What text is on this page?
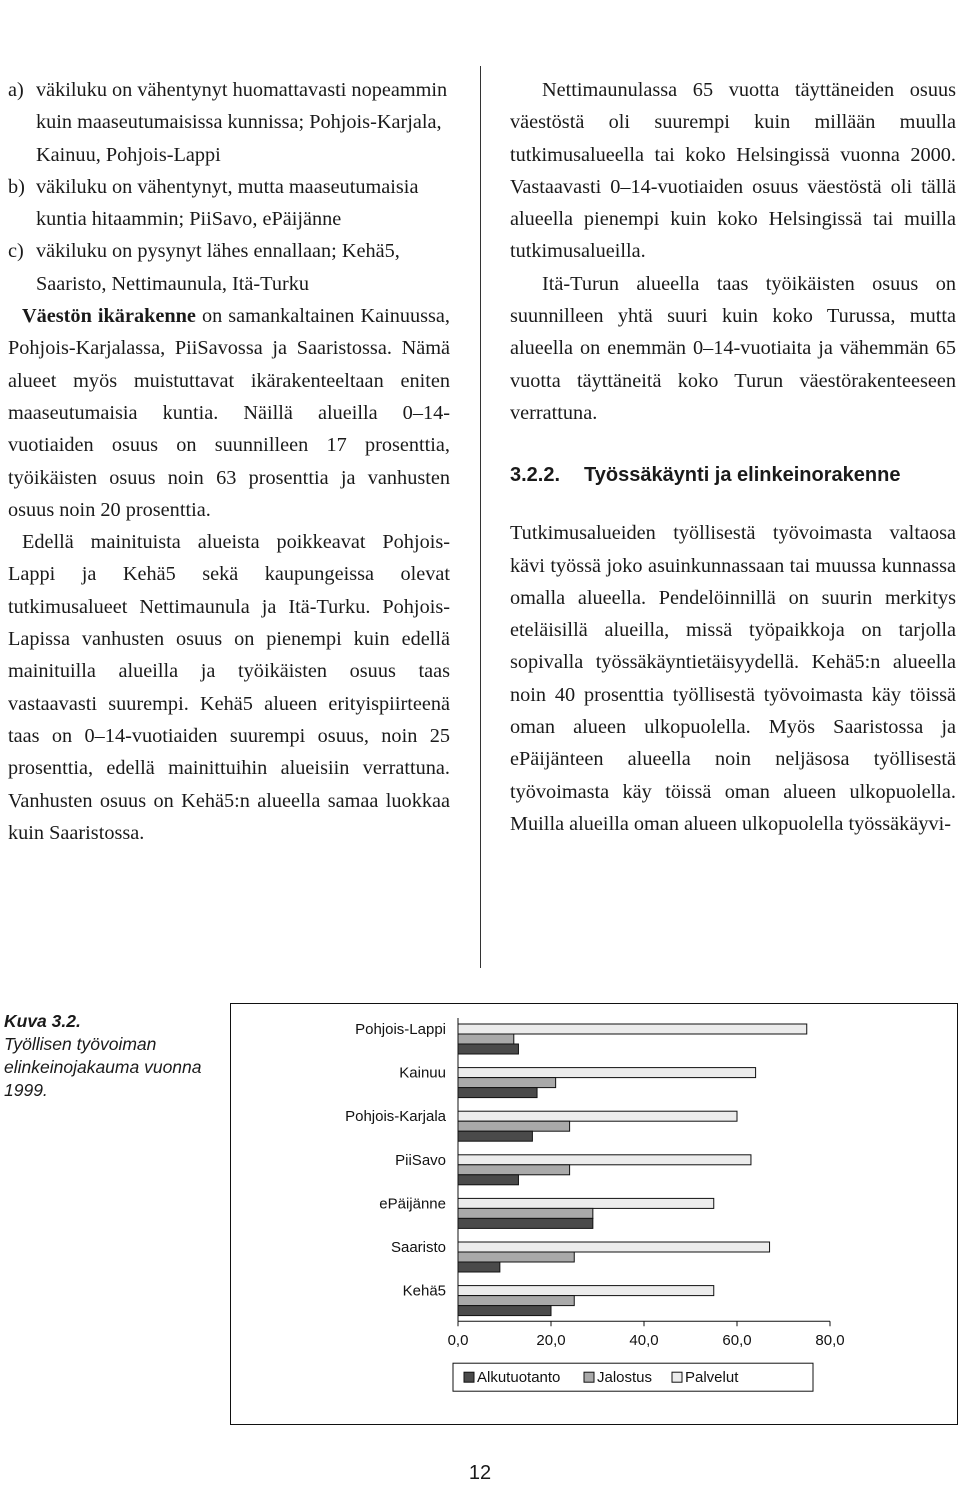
a) väkiluku on vähentynyt huomattavasti nopeammin kuin maaseutumaisissa kunnissa; Pohjois-Karjala, Kainuu, Pohjois-Lappi
b) väkiluku on vähentynyt, mutta maaseutumaisia kuntia hitaammin; PiiSavo, ePäijänne
c) väkiluku on pysynyt lähes ennallaan; Kehä5, Saaristo, Nettimaunula, Itä-Turku

Väestön ikärakenne on samankaltainen Kainuussa, Pohjois-Karjalassa, PiiSavossa ja Saaristossa. Nämä alueet myös muistuttavat ikärakenteeltaan eniten maaseutumaisia kuntia. Näillä alueilla 0–14-vuotiaiden osuus on suunnilleen 17 prosenttia, työikäisten osuus noin 63 prosenttia ja vanhusten osuus noin 20 prosenttia.

Edellä mainituista alueista poikkeavat Pohjois-Lappi ja Kehä5 sekä kaupungeissa olevat tutkimusalueet Nettimaunula ja Itä-Turku. Pohjois-Lapissa vanhusten osuus on pienempi kuin edellä mainituilla alueilla ja työikäisten osuus taas vastaavasti suurempi. Kehä5 alueen erityispiirteenä taas on 0–14-vuotiaiden suurempi osuus, noin 25 prosenttia, edellä mainittuihin alueisiin verrattuna. Vanhusten osuus on Kehä5:n alueella samaa luokkaa kuin Saaristossa.

Nettimaunulassa 65 vuotta täyttäneiden osuus väestöstä oli suurempi kuin millään muulla tutkimusalueella tai koko Helsingissä vuonna 2000. Vastaavasti 0–14-vuotiaiden osuus väestöstä oli tällä alueella pienempi kuin koko Helsingissä tai muilla tutkimusalueilla.

Itä-Turun alueella taas työikäisten osuus on suunnilleen yhtä suuri kuin koko Turussa, mutta alueella on enemmän 0–14-vuotiaita ja vähemmän 65 vuotta täyttäneitä koko Turun väestörakenteeseen verrattuna.

3.2.2.	Työssäkäynti ja elinkeinorakenne

Tutkimusalueiden työllisestä työvoimasta valtaosa kävi työssä joko asuinkunnassaan tai muussa kunnassa omalla alueella. Pendelöinnillä on suurin merkitys eteläisillä alueilla, missä työpaikkoja on tarjolla sopivalla työssäkäyntietäisyydellä. Kehä5:n alueella noin 40 prosenttia työllisestä työvoimasta käy töissä oman alueen ulkopuolella. Myös Saaristossa ja ePäijänteen alueella noin neljäsosa työllisestä työvoimasta käy töissä oman alueen ulkopuolella. Muilla alueilla oman alueen ulkopuolella työssäkäyvi-

Kuva 3.2.
Työllisen työvoiman elinkeinojakauma vuonna 1999.
Pohjois-Lappi
Kainuu
Pohjois-Karjala
PiiSavo
ePäijänne
Saaristo
Kehä5
0,0	20,0	40,0	60,0	80,0
Alkutuotanto Jalostus Palvelut
12
